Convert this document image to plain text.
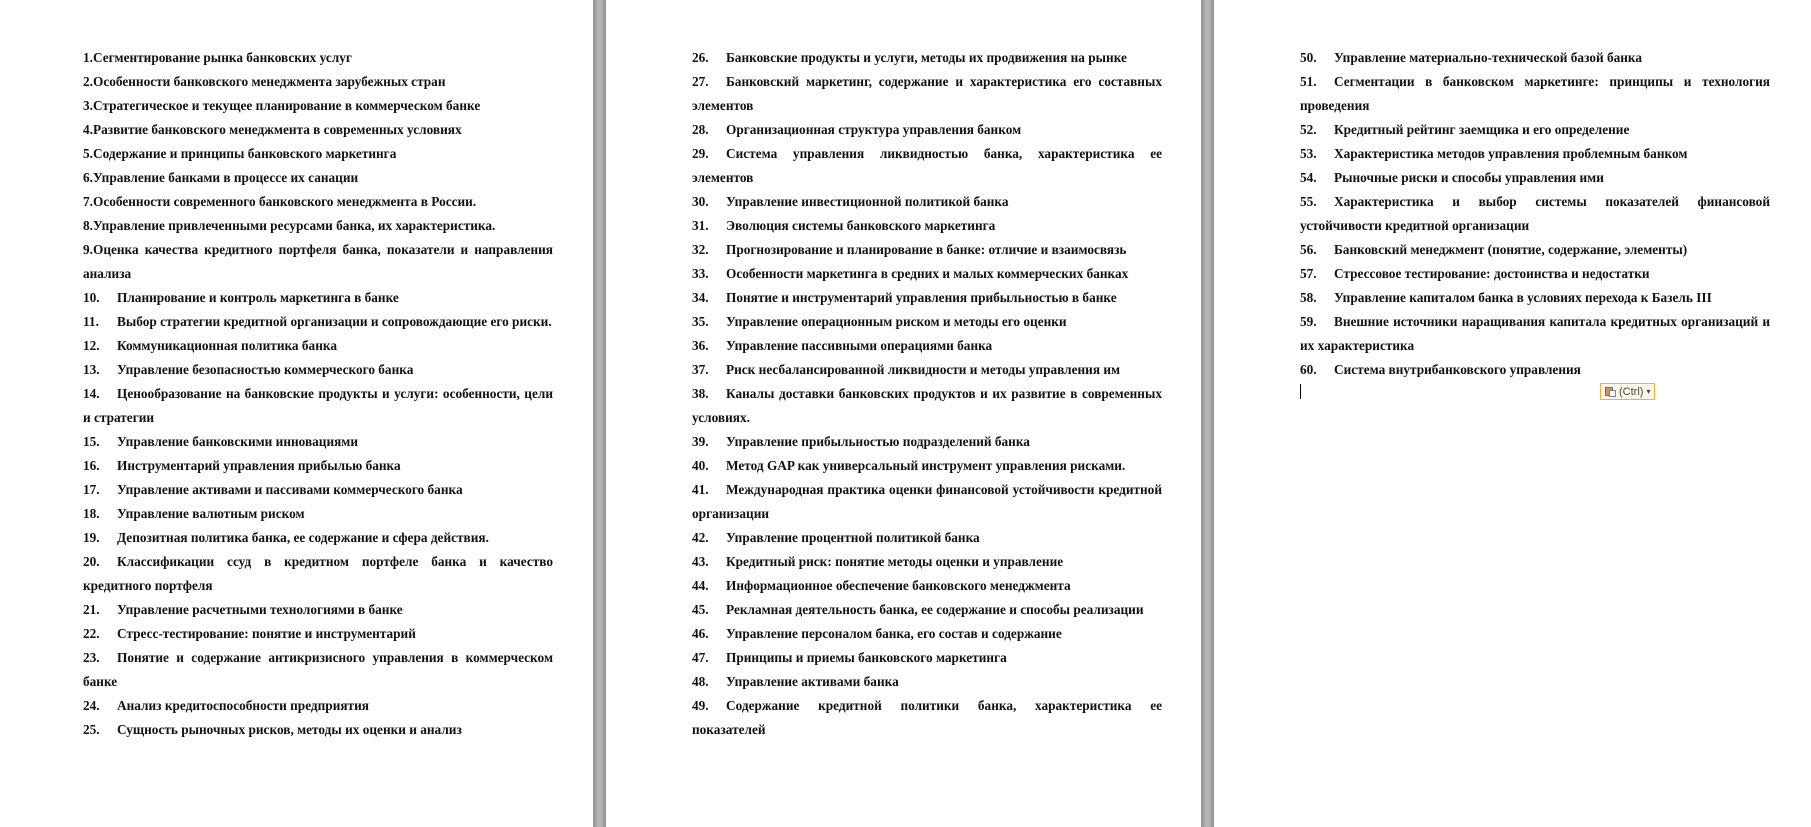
1.Сегментирование рынка банковских услуг
2.Особенности банковского менеджмента зарубежных стран
3.Стратегическое и текущее планирование в коммерческом банке
4.Развитие банковского менеджмента в современных условиях
5.Содержание и принципы банковского маркетинга
6.Управление банками в процессе их санации
7.Особенности современного банковского менеджмента в России.
8.Управление привлеченными ресурсами банка, их характеристика.
9.Оценка качества кредитного портфеля банка, показатели и направления анализа
10. Планирование и контроль маркетинга в банке
11. Выбор стратегии кредитной организации и сопровождающие его риски.
12. Коммуникационная политика банка
13. Управление безопасностью коммерческого банка
14. Ценообразование на банковские продукты и услуги: особенности, цели и стратегии
15. Управление банковскими инновациями
16. Инструментарий управления прибылью банка
17. Управление активами и пассивами коммерческого банка
18. Управление валютным риском
19. Депозитная политика банка, ее содержание и сфера действия.
20. Классификации ссуд в кредитном портфеле банка и качество кредитного портфеля
21. Управление расчетными технологиями в банке
22. Стресс-тестирование: понятие и инструментарий
23. Понятие и содержание антикризисного управления в коммерческом банке
24. Анализ кредитоспособности предприятия
25. Сущность рыночных рисков, методы их оценки и анализ
26. Банковские продукты и услуги, методы их продвижения на рынке
27. Банковский маркетинг, содержание и характеристика его составных элементов
28. Организационная структура управления банком
29. Система управления ликвидностью банка, характеристика ее элементов
30. Управление инвестиционной политикой банка
31. Эволюция системы банковского маркетинга
32. Прогнозирование и планирование в банке: отличие и взаимосвязь
33. Особенности маркетинга в средних и малых коммерческих банках
34. Понятие и инструментарий управления прибыльностью в банке
35. Управление операционным риском и методы его оценки
36. Управление пассивными операциями банка
37. Риск несбалансированной ликвидности и методы управления им
38. Каналы доставки банковских продуктов и их развитие в современных условиях.
39. Управление прибыльностью подразделений банка
40. Метод GAP как универсальный инструмент управления рисками.
41. Международная практика оценки финансовой устойчивости кредитной организации
42. Управление процентной политикой банка
43. Кредитный риск: понятие методы оценки и управление
44. Информационное обеспечение банковского менеджмента
45. Рекламная деятельность банка, ее содержание и способы реализации
46. Управление персоналом банка, его состав и содержание
47. Принципы и приемы банковского маркетинга
48. Управление активами банка
49. Содержание кредитной политики банка, характеристика ее показателей
50. Управление материально-технической базой банка
51. Сегментации в банковском маркетинге: принципы и технология проведения
52. Кредитный рейтинг заемщика и его определение
53. Характеристика методов управления проблемным банком
54. Рыночные риски и способы управления ими
55. Характеристика и выбор системы показателей финансовой устойчивости кредитной организации
56. Банковский менеджмент (понятие, содержание, элементы)
57. Стрессовое тестирование: достоинства и недостатки
58. Управление капиталом банка в условиях перехода к Базель III
59. Внешние источники наращивания капитала кредитных организаций и их характеристика
60. Система внутрибанковского управления
(Ctrl) ▾
